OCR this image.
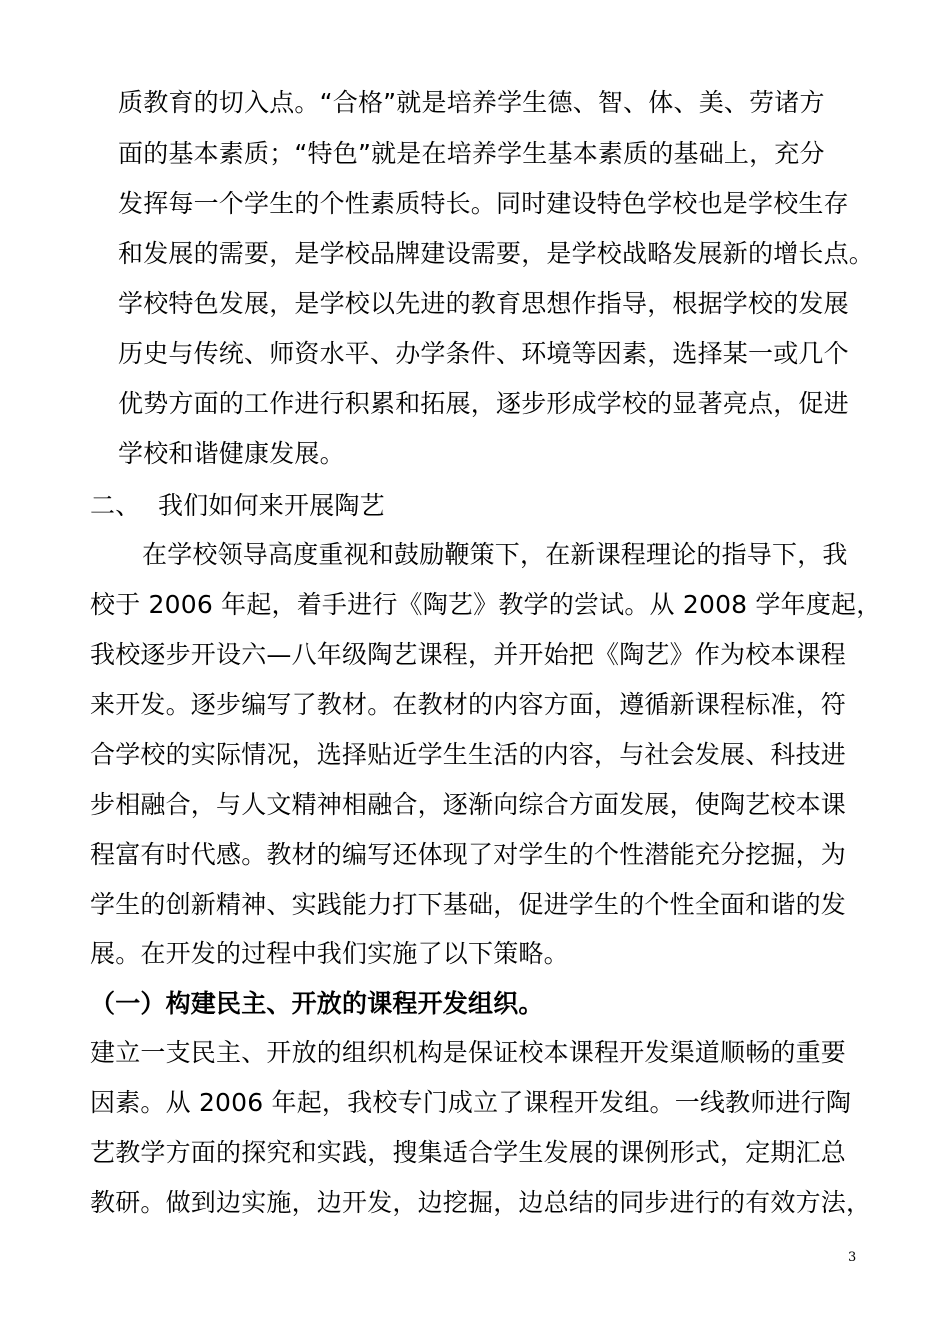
质教育的切入点。“合格”就是培养学生德、智、体、美、劳诸方
面的基本素质；“特色”就是在培养学生基本素质的基础上，充分
发挥每一个学生的个性素质特长。同时建设特色学校也是学校生存
和发展的需要，是学校品牌建设需要，是学校战略发展新的增长点。
学校特色发展，是学校以先进的教育思想作指导，根据学校的发展
历史与传统、师资水平、办学条件、环境等因素，选择某一或几个
优势方面的工作进行积累和拓展，逐步形成学校的显著亮点，促进
学校和谐健康发展。
二、 我们如何来开展陶艺
在学校领导高度重视和鼓励鞭策下，在新课程理论的指导下，我
校于 2006 年起，着手进行《陶艺》教学的尝试。从 2008 学年度起，
我校逐步开设六—八年级陶艺课程，并开始把《陶艺》作为校本课程
来开发。逐步编写了教材。在教材的内容方面，遵循新课程标准，符
合学校的实际情况，选择贴近学生生活的内容，与社会发展、科技进
步相融合，与人文精神相融合，逐渐向综合方面发展，使陶艺校本课
程富有时代感。教材的编写还体现了对学生的个性潜能充分挖掘，为
学生的创新精神、实践能力打下基础，促进学生的个性全面和谐的发
展。在开发的过程中我们实施了以下策略。
（一）构建民主、开放的课程开发组织。
建立一支民主、开放的组织机构是保证校本课程开发渠道顺畅的重要
因素。从 2006 年起，我校专门成立了课程开发组。一线教师进行陶
艺教学方面的探究和实践，搜集适合学生发展的课例形式，定期汇总
教研。做到边实施，边开发，边挖掘，边总结的同步进行的有效方法，
3
